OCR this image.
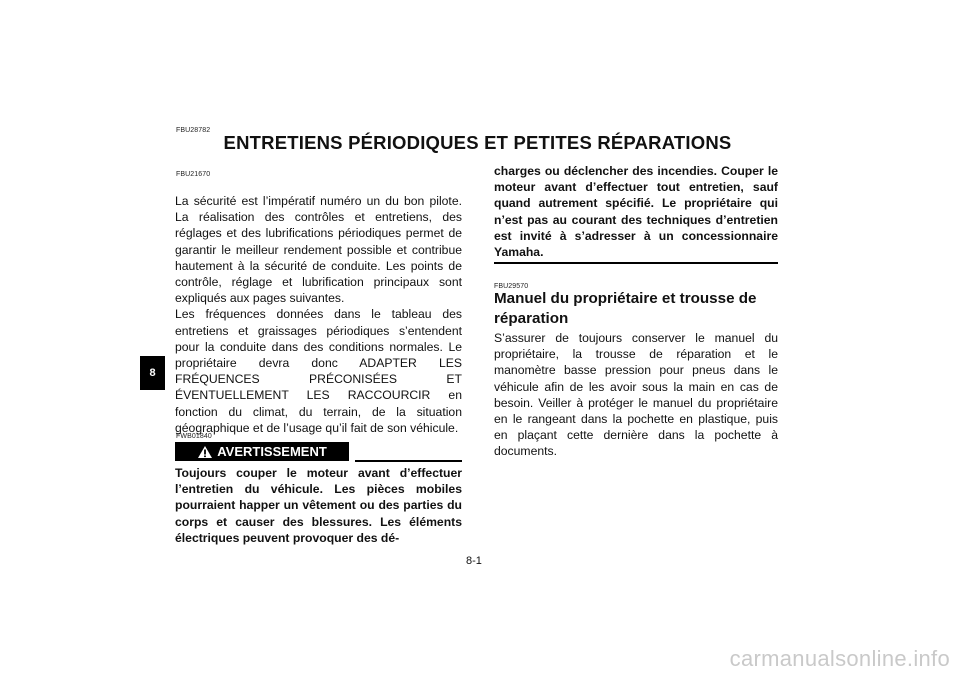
FBU28782
ENTRETIENS PÉRIODIQUES ET PETITES RÉPARATIONS
8
FBU21670

La sécurité est l’impératif numéro un du bon pilote. La réalisation des contrôles et entretiens, des réglages et des lubrifications périodiques permet de garantir le meilleur rendement possible et contribue hautement à la sécurité de conduite. Les points de contrôle, réglage et lubrification principaux sont expliqués aux pages suivantes.

Les fréquences données dans le tableau des entretiens et graissages périodiques s’entendent pour la conduite dans des conditions normales. Le propriétaire devra donc ADAPTER LES FRÉQUENCES PRÉCONISÉES ET ÉVENTUELLEMENT LES RACCOURCIR en fonction du climat, du terrain, de la situation géographique et de l’usage qu’il fait de son véhicule.

FWB01840
AVERTISSEMENT

Toujours couper le moteur avant d’effectuer l’entretien du véhicule. Les pièces mobiles pourraient happer un vêtement ou des parties du corps et causer des blessures. Les éléments électriques peuvent provoquer des dé-

charges ou déclencher des incendies. Couper le moteur avant d’effectuer tout entretien, sauf quand autrement spécifié. Le propriétaire qui n’est pas au courant des techniques d’entretien est invité à s’adresser à un concessionnaire Yamaha.

FBU29570
Manuel du propriétaire et trousse de réparation

S’assurer de toujours conserver le manuel du propriétaire, la trousse de réparation et le manomètre basse pression pour pneus dans le véhicule afin de les avoir sous la main en cas de besoin. Veiller à protéger le manuel du propriétaire en le rangeant dans la pochette en plastique, puis en plaçant cette dernière dans la pochette à documents.

8-1
carmanualsonline.info
